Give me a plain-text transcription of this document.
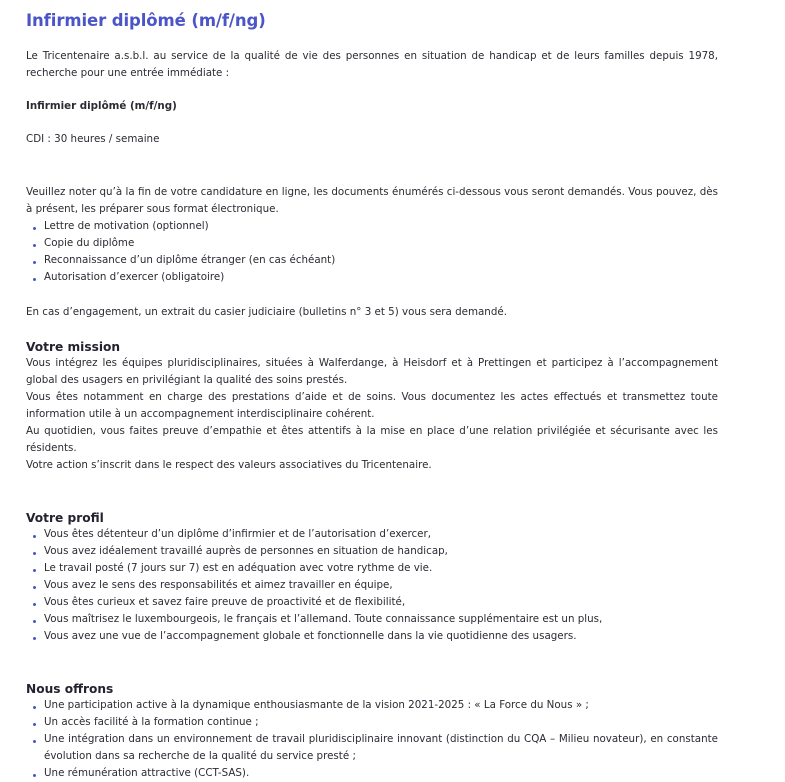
Infirmier diplômé (m/f/ng)

Le Tricentenaire a.s.b.l. au service de la qualité de vie des personnes en situation de handicap et de leurs familles depuis 1978, recherche pour une entrée immédiate :

Infirmier diplômé (m/f/ng)

CDI : 30 heures / semaine

Veuillez noter qu’à la fin de votre candidature en ligne, les documents énumérés ci-dessous vous seront demandés. Vous pouvez, dès à présent, les préparer sous format électronique.

Lettre de motivation (optionnel)
Copie du diplôme
Reconnaissance d’un diplôme étranger (en cas échéant)
Autorisation d’exercer (obligatoire)

En cas d’engagement, un extrait du casier judiciaire (bulletins n° 3 et 5) vous sera demandé.

Votre mission

Vous intégrez les équipes pluridisciplinaires, situées à Walferdange, à Heisdorf et à Prettingen et participez à l’accompagnement global des usagers en privilégiant la qualité des soins prestés.

Vous êtes notamment en charge des prestations d’aide et de soins. Vous documentez les actes effectués et transmettez toute information utile à un accompagnement interdisciplinaire cohérent.

Au quotidien, vous faites preuve d’empathie et êtes attentifs à la mise en place d’une relation privilégiée et sécurisante avec les résidents.

Votre action s’inscrit dans le respect des valeurs associatives du Tricentenaire.

Votre profil
Vous êtes détenteur d’un diplôme d’infirmier et de l’autorisation d’exercer,
Vous avez idéalement travaillé auprès de personnes en situation de handicap,
Le travail posté (7 jours sur 7) est en adéquation avec votre rythme de vie.
Vous avez le sens des responsabilités et aimez travailler en équipe,
Vous êtes curieux et savez faire preuve de proactivité et de flexibilité,
Vous maîtrisez le luxembourgeois, le français et l’allemand. Toute connaissance supplémentaire est un plus,
Vous avez une vue de l’accompagnement globale et fonctionnelle dans la vie quotidienne des usagers.
Nous offrons
Une participation active à la dynamique enthousiasmante de la vision 2021-2025 : « La Force du Nous » ;
Un accès facilité à la formation continue ;
Une intégration dans un environnement de travail pluridisciplinaire innovant (distinction du CQA – Milieu novateur), en constante évolution dans sa recherche de la qualité du service presté ;
Une rémunération attractive (CCT-SAS).
